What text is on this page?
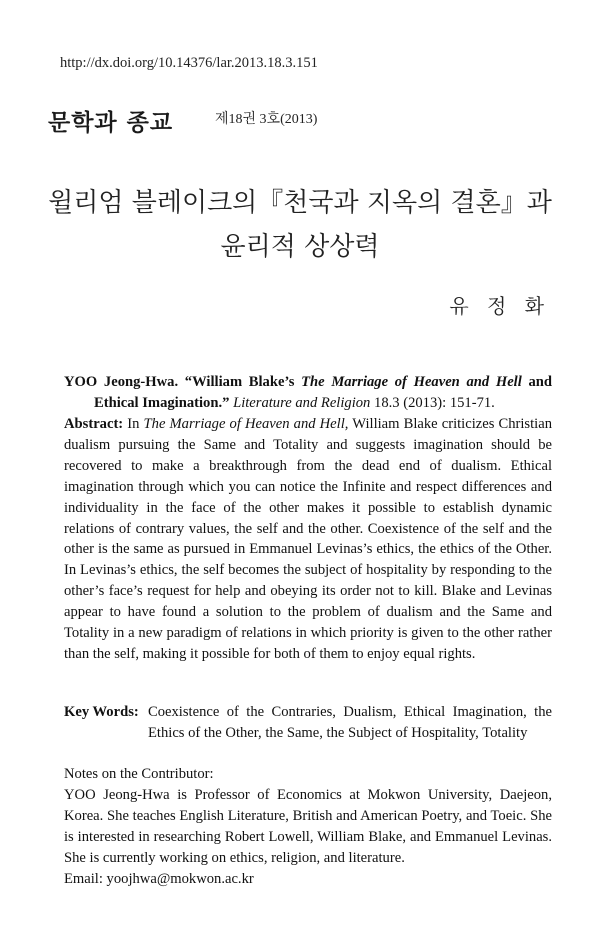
http://dx.doi.org/10.14376/lar.2013.18.3.151
문학과 종교	제18권 3호(2013)
윌리엄 블레이크의『천국과 지옥의 결혼』과
윤리적 상상력
유 정 화

YOO Jeong-Hwa. “William Blake’s The Marriage of Heaven and Hell and

Ethical Imagination.” Literature and Religion 18.3 (2013): 151-71.

Abstract: In The Marriage of Heaven and Hell, William Blake criticizes Christian dualism pursuing the Same and Totality and suggests imagination should be recovered to make a breakthrough from the dead end of dualism. Ethical imagination through which you can notice the Infinite and respect differences and individuality in the face of the other makes it possible to establish dynamic relations of contrary values, the self and the other. Coexistence of the self and the other is the same as pursued in Emmanuel Levinas’s ethics, the ethics of the Other. In Levinas’s ethics, the self becomes the subject of hospitality by responding to the other’s face’s request for help and obeying its order not to kill. Blake and Levinas appear to have found a solution to the problem of dualism and the Same and Totality in a new paradigm of relations in which priority is given to the other rather than the self, making it possible for both of them to enjoy equal rights.

Key Words: Coexistence of the Contraries, Dualism, Ethical Imagination, the Ethics of the Other, the Same, the Subject of Hospitality, Totality

Notes on the Contributor:

YOO Jeong-Hwa is Professor of Economics at Mokwon University, Daejeon, Korea. She teaches English Literature, British and American Poetry, and Toeic. She is interested in researching Robert Lowell, William Blake, and Emmanuel Levinas. She is currently working on ethics, religion, and literature.

Email: yoojhwa@mokwon.ac.kr
